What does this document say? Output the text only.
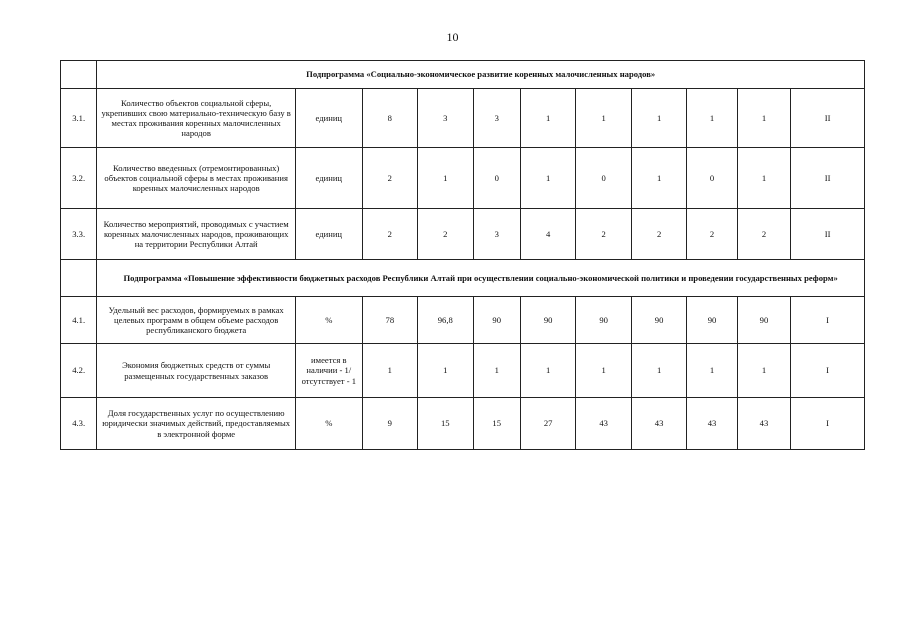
10
	Подпрограмма «Социально-экономическое развитие коренных малочисленных народов»										
3.1.	Количество объектов социальной сферы, укрепивших свою материально-техническую базу в местах проживания коренных малочисленных народов	единиц	8	3	3	1	1	1	1	1	II
3.2.	Количество введенных (отремонтированных) объектов социальной сферы в местах проживания коренных малочисленных народов	единиц	2	1	0	1	0	1	0	1	II
3.3.	Количество мероприятий, проводимых с участием коренных малочисленных народов, проживающих на территории Республики Алтай	единиц	2	2	3	4	2	2	2	2	II
	Подпрограмма «Повышение эффективности бюджетных расходов Республики Алтай при осуществлении социально-экономической политики и проведении государственных реформ»										
4.1.	Удельный вес расходов, формируемых в рамках целевых программ в общем объеме расходов республиканского бюджета	%	78	96,8	90	90	90	90	90	90	I
4.2.	Экономия бюджетных средств от суммы размещенных государственных заказов	имеется в наличии - 1/ отсутствует - 1	1	1	1	1	1	1	1	1	I
4.3.	Доля государственных услуг по осуществлению юридически значимых действий, предоставляемых в электронной форме	%	9	15	15	27	43	43	43	43	I
